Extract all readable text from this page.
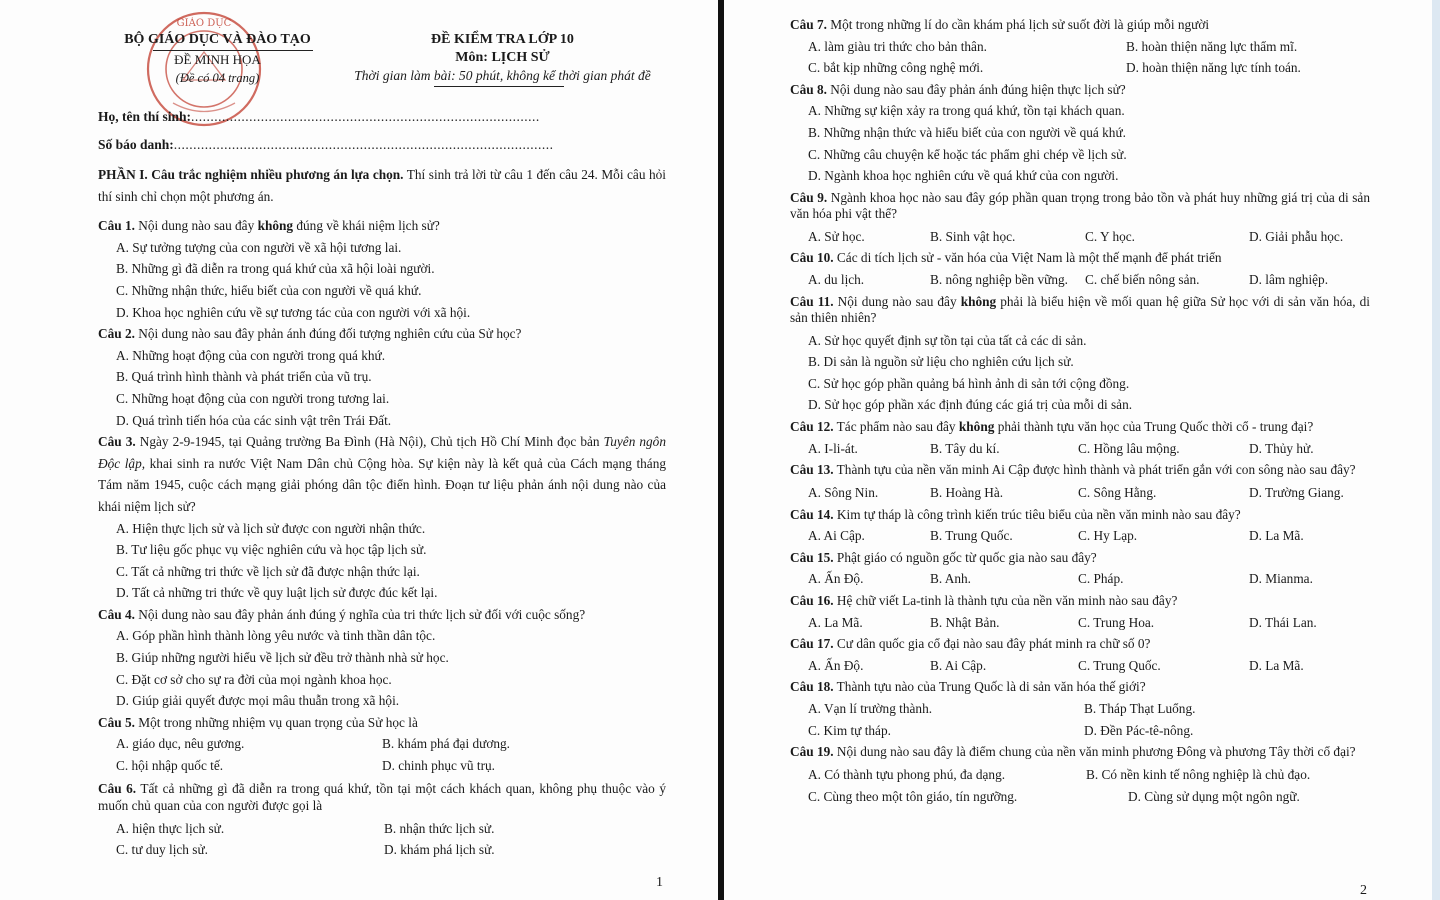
GIÁO DỤC
BỘ GIÁO DỤC VÀ ĐÀO TẠO
ĐỀ MINH HỌA
(Đề có 04 trang)
ĐỀ KIỂM TRA LỚP 10
Môn: LỊCH SỬ
Thời gian làm bài: 50 phút, không kể thời gian phát đề
Họ, tên thí sinh:..........................................................................................
Số báo danh:..................................................................................................

PHẦN I. Câu trắc nghiệm nhiều phương án lựa chọn. Thí sinh trả lời từ câu 1 đến câu 24. Mỗi câu hỏi thí sinh chỉ chọn một phương án.

Câu 1. Nội dung nào sau đây không đúng về khái niệm lịch sử?

A. Sự tưởng tượng của con người về xã hội tương lai.

B. Những gì đã diễn ra trong quá khứ của xã hội loài người.

C. Những nhận thức, hiểu biết của con người về quá khứ.

D. Khoa học nghiên cứu về sự tương tác của con người với xã hội.

Câu 2. Nội dung nào sau đây phản ánh đúng đối tượng nghiên cứu của Sử học?

A. Những hoạt động của con người trong quá khứ.

B. Quá trình hình thành và phát triển của vũ trụ.

C. Những hoạt động của con người trong tương lai.

D. Quá trình tiến hóa của các sinh vật trên Trái Đất.

Câu 3. Ngày 2-9-1945, tại Quảng trường Ba Đình (Hà Nội), Chủ tịch Hồ Chí Minh đọc bản Tuyên ngôn Độc lập, khai sinh ra nước Việt Nam Dân chủ Cộng hòa. Sự kiện này là kết quả của Cách mạng tháng Tám năm 1945, cuộc cách mạng giải phóng dân tộc điển hình. Đoạn tư liệu phản ánh nội dung nào của khái niệm lịch sử?

A. Hiện thực lịch sử và lịch sử được con người nhận thức.

B. Tư liệu gốc phục vụ việc nghiên cứu và học tập lịch sử.

C. Tất cả những tri thức về lịch sử đã được nhận thức lại.

D. Tất cả những tri thức về quy luật lịch sử được đúc kết lại.

Câu 4. Nội dung nào sau đây phản ánh đúng ý nghĩa của tri thức lịch sử đối với cuộc sống?

A. Góp phần hình thành lòng yêu nước và tinh thần dân tộc.

B. Giúp những người hiểu về lịch sử đều trở thành nhà sử học.

C. Đặt cơ sở cho sự ra đời của mọi ngành khoa học.

D. Giúp giải quyết được mọi mâu thuẫn trong xã hội.

Câu 5. Một trong những nhiệm vụ quan trọng của Sử học là

A. giáo dục, nêu gương.	B. khám phá đại dương.
C. hội nhập quốc tế.	D. chinh phục vũ trụ.

Câu 6. Tất cả những gì đã diễn ra trong quá khứ, tồn tại một cách khách quan, không phụ thuộc vào ý muốn chủ quan của con người được gọi là

A. hiện thực lịch sử.	B. nhận thức lịch sử.
C. tư duy lịch sử.	D. khám phá lịch sử.
1

Câu 7. Một trong những lí do cần khám phá lịch sử suốt đời là giúp mỗi người

A. làm giàu tri thức cho bản thân.	B. hoàn thiện năng lực thẩm mĩ.
C. bắt kịp những công nghệ mới.	D. hoàn thiện năng lực tính toán.

Câu 8. Nội dung nào sau đây phản ánh đúng hiện thực lịch sử?

A. Những sự kiện xảy ra trong quá khứ, tồn tại khách quan.

B. Những nhận thức và hiểu biết của con người về quá khứ.

C. Những câu chuyện kể hoặc tác phẩm ghi chép về lịch sử.

D. Ngành khoa học nghiên cứu về quá khứ của con người.

Câu 9. Ngành khoa học nào sau đây góp phần quan trọng trong bảo tồn và phát huy những giá trị của di sản văn hóa phi vật thể?

A. Sử học.	B. Sinh vật học.	C. Y học.	D. Giải phẫu học.

Câu 10. Các di tích lịch sử - văn hóa của Việt Nam là một thế mạnh để phát triển

A. du lịch.	B. nông nghiệp bền vững.	C. chế biến nông sản.	D. lâm nghiệp.

Câu 11. Nội dung nào sau đây không phải là biểu hiện về mối quan hệ giữa Sử học với di sản văn hóa, di sản thiên nhiên?

A. Sử học quyết định sự tồn tại của tất cả các di sản.

B. Di sản là nguồn sử liệu cho nghiên cứu lịch sử.

C. Sử học góp phần quảng bá hình ảnh di sản tới cộng đồng.

D. Sử học góp phần xác định đúng các giá trị của mỗi di sản.

Câu 12. Tác phẩm nào sau đây không phải thành tựu văn học của Trung Quốc thời cổ - trung đại?

A. I-li-át.	B. Tây du kí.	C. Hồng lâu mộng.	D. Thủy hử.

Câu 13. Thành tựu của nền văn minh Ai Cập được hình thành và phát triển gắn với con sông nào sau đây?

A. Sông Nin.	B. Hoàng Hà.	C. Sông Hằng.	D. Trường Giang.

Câu 14. Kim tự tháp là công trình kiến trúc tiêu biểu của nền văn minh nào sau đây?

A. Ai Cập.	B. Trung Quốc.	C. Hy Lạp.	D. La Mã.

Câu 15. Phật giáo có nguồn gốc từ quốc gia nào sau đây?

A. Ấn Độ.	B. Anh.	C. Pháp.	D. Mianma.

Câu 16. Hệ chữ viết La-tinh là thành tựu của nền văn minh nào sau đây?

A. La Mã.	B. Nhật Bản.	C. Trung Hoa.	D. Thái Lan.

Câu 17. Cư dân quốc gia cổ đại nào sau đây phát minh ra chữ số 0?

A. Ấn Độ.	B. Ai Cập.	C. Trung Quốc.	D. La Mã.

Câu 18. Thành tựu nào của Trung Quốc là di sản văn hóa thế giới?

A. Vạn lí trường thành.	B. Tháp Thạt Luổng.
C. Kim tự tháp.	D. Đền Pác-tê-nông.

Câu 19. Nội dung nào sau đây là điểm chung của nền văn minh phương Đông và phương Tây thời cổ đại?

A. Có thành tựu phong phú, đa dạng.	B. Có nền kinh tế nông nghiệp là chủ đạo.
C. Cùng theo một tôn giáo, tín ngưỡng.	D. Cùng sử dụng một ngôn ngữ.
2
